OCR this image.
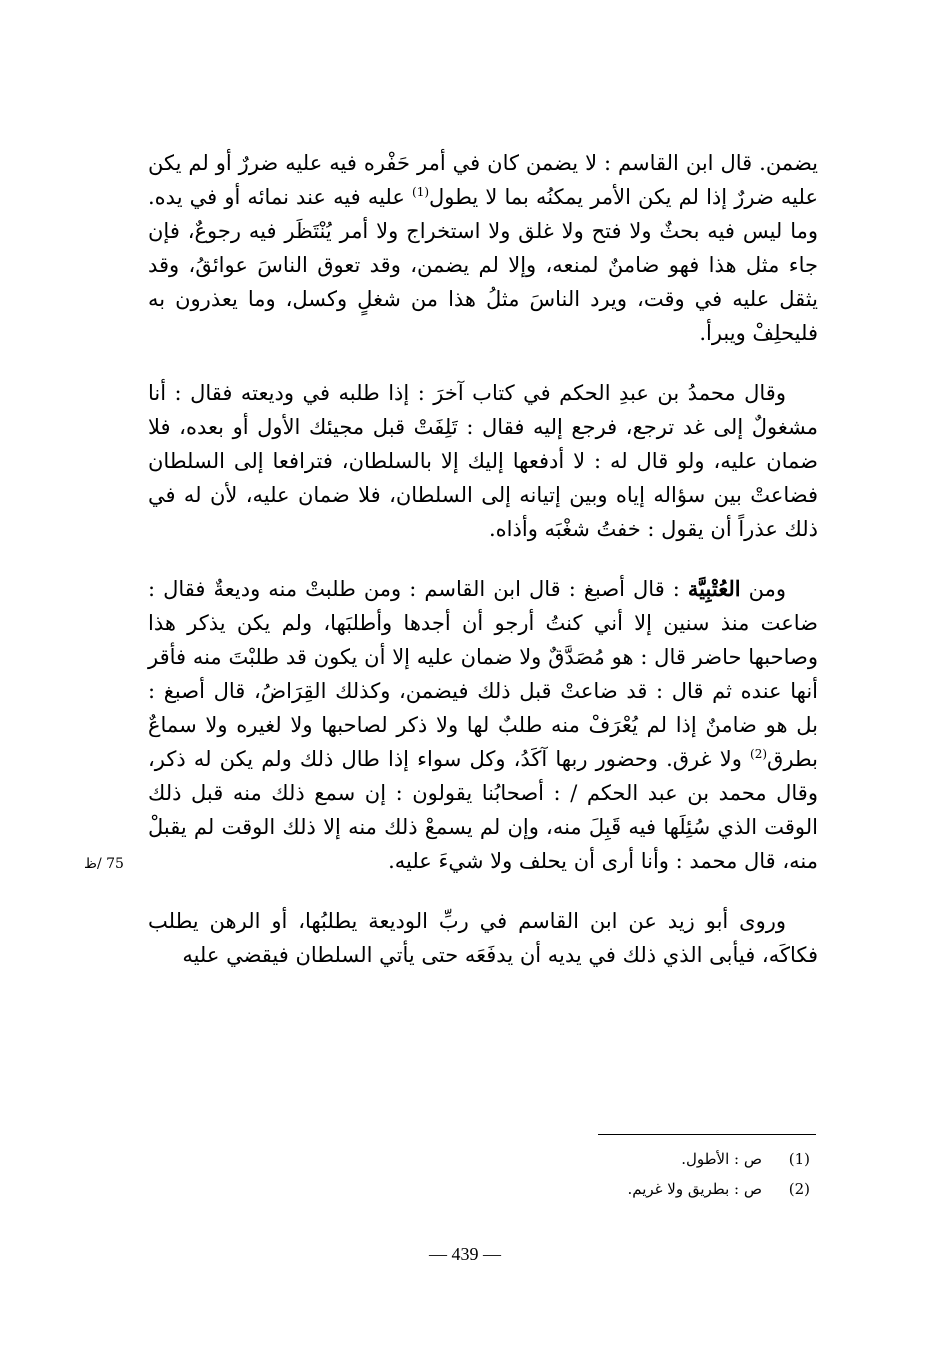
يضمن. قال ابن القاسم : لا يضمن كان في أمر حَفْره فيه عليه ضررٌ أو لم يكن عليه ضررٌ إذا لم يكن الأمر يمكنُه بما لا يطول$^{(1)}$ عليه فيه عند نمائه أو في يده. وما ليس فيه بحثٌ ولا فتح ولا غلق ولا استخراج ولا أمر يُنْتَظَر فيه رجوعٌ، فإن جاء مثل هذا فهو ضامنٌ لمنعه، وإلا لم يضمن، وقد تعوق الناسَ عوائقُ، وقد يثقل عليه في وقت، ويرد الناسَ مثلُ هذا من شغلٍ وكسل، وما يعذرون به فليحلِفْ ويبرأ.

وقال محمدُ بن عبدِ الحكم في كتاب آخرَ : إذا طلبه في وديعته فقال : أنا مشغولٌ إلى غد ترجع، فرجع إليه فقال : تَلِفَتْ قبل مجيئك الأول أو بعده، فلا ضمان عليه، ولو قال له : لا أدفعها إليك إلا بالسلطان، فترافعا إلى السلطان فضاعتْ بين سؤاله إياه وبين إتيانه إلى السلطان، فلا ضمان عليه، لأن له في ذلك عذراً أن يقول : خفتُ شغْبَه وأذاه.

ومن العُتْبِيَّة : قال أصبغ : قال ابن القاسم : ومن طلبتْ منه وديعةٌ فقال : ضاعت منذ سنين إلا أني كنتُ أرجو أن أجدها وأطلبَها، ولم يكن يذكر هذا وصاحبها حاضر قال : هو مُصَدَّقٌ ولا ضمان عليه إلا أن يكون قد طلبْتَ منه فأقر أنها عنده ثم قال : قد ضاعتْ قبل ذلك فيضمن، وكذلك القِرَاضُ، قال أصبغ : بل هو ضامنٌ إذا لم يُعْرَفْ منه طلبٌ لها ولا ذكر لصاحبها ولا لغيره ولا سماعٌ بطرق$^{(2)}$ ولا غرق. وحضور ربها آكَدُ، وكل سواء إذا طال ذلك ولم يكن له ذكر، وقال محمد بن عبد الحكم / : أصحابُنا يقولون : إن سمع ذلك منه قبل ذلك الوقت الذي سُئِلَها فيه قَبِلَ منه، وإن لم يسمعْ ذلك منه إلا ذلك الوقت لم يقبلْ منه، قال محمد : وأنا أرى أن يحلف ولا شيءَ عليه.

وروى أبو زيد عن ابن القاسم في ربِّ الوديعة يطلبُها، أو الرهن يطلب فكاكَه، فيأبى الذي ذلك في يديه أن يدفَعَه حتى يأتي السلطان فيقضي عليه

75 /ظ
(1)ص : الأطول.
(2)ص : بطريق ولا غريم.
— 439 —
